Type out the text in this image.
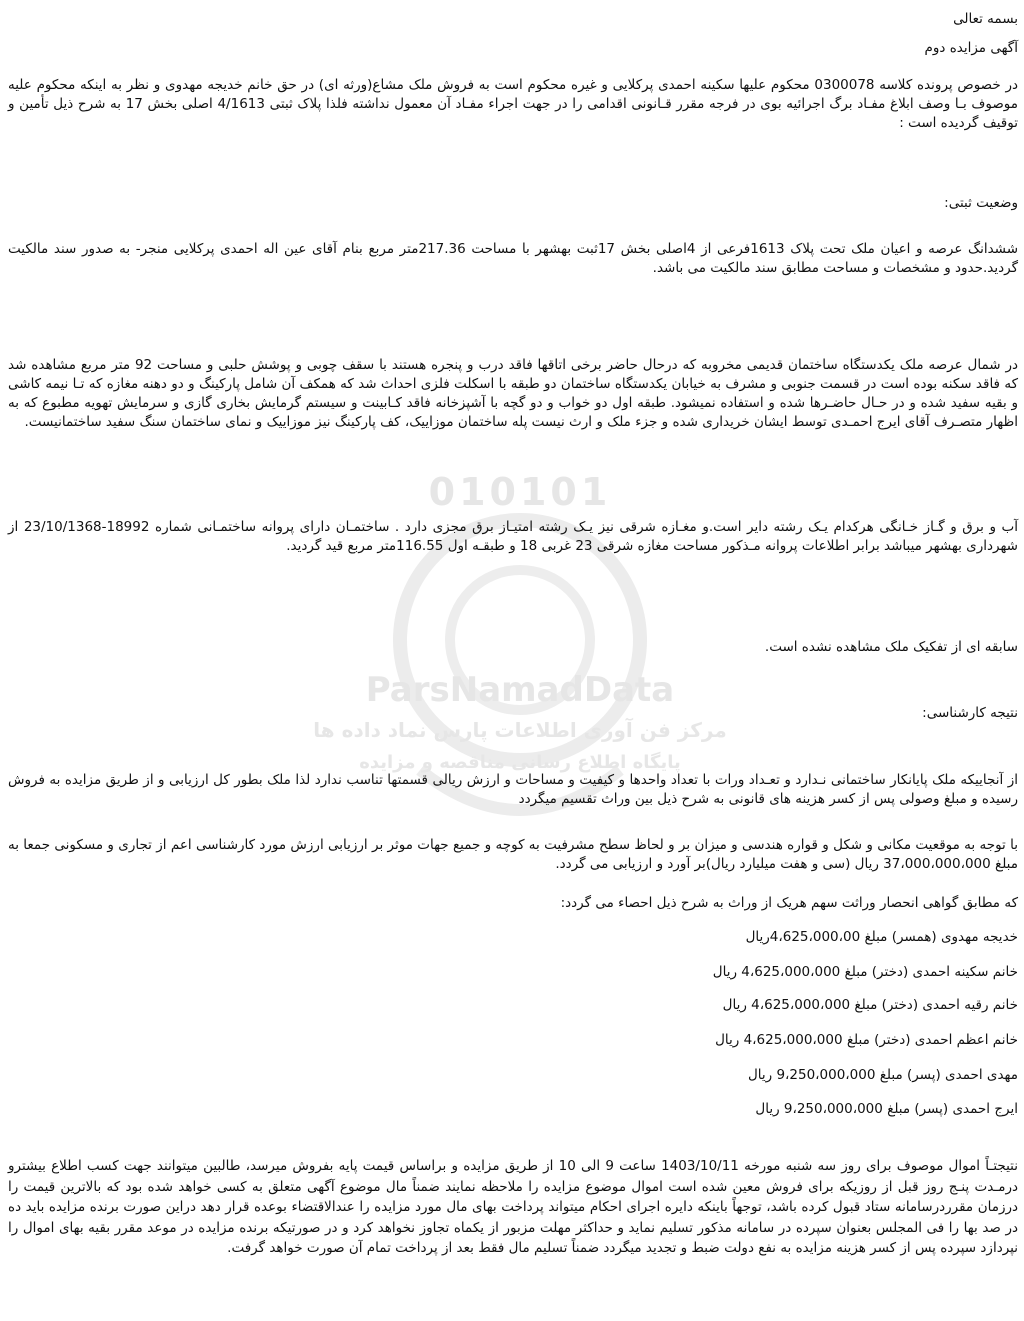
010101
ParsNamadData
مرکز فن آوری اطلاعات پارس نماد داده ها
پایگاه اطلاع رسانی مناقصه و مزایده
بسمه تعالی
آگهی مزایده دوم

در خصوص پرونده کلاسه 0300078 محکوم علیها سکینه احمدی پرکلایی و غیره محکوم است به فروش ملک مشاع(ورثه ای) در حق خانم خدیجه مهدوی و نظر به اینکه محکوم علیه موصوف بـا وصف ابلاغ مفـاد برگ اجرائیه بوی در فرجه مقرر قـانونی اقدامی را در جهت اجراء مفـاد آن معمول نداشته فلذا پلاک ثبتی 4/1613 اصلی بخش 17 به شرح ذیل تأمین و توقیف گردیده است :

وضعیت ثبتی:

ششدانگ عرصه و اعیان ملک تحت پلاک 1613فرعی از 4اصلی بخش 17ثبت بهشهر با مساحت 217.36متر مربع بنام آقای عین اله احمدی پرکلایی منجر- به صدور سند مالکیت گردید.حدود و مشخصات و مساحت مطابق سند مالکیت می باشد.

در شمال عرصه ملک یکدستگاه ساختمان قدیمی مخروبه که درحال حاضر برخی اتاقها فاقد درب و پنجره هستند با سقف چوبی و پوشش حلبی و مساحت 92 متر مربع مشاهده شد که فاقد سکنه بوده است در قسمت جنوبی و مشرف به خیابان یکدستگاه ساختمان دو طبقه با اسکلت فلزی احداث شد که همکف آن شامل پارکینگ و دو دهنه مغازه که تـا نیمه کاشی و بقیه سفید شده و در حـال حاضـرها شده و استفاده نمیشود. طبقه اول دو خواب و دو گچه با آشپزخانه فاقد کـابینت و سیستم گرمایش بخاری گازی و سرمایش تهویه مطبوع که به اظهار متصـرف آقای ایرج احمـدی توسط ایشان خریداری شده و جزء ملک و ارث نیست پله ساختمان موزاییک، کف پارکینگ نیز موزاییک و نمای ساختمان سنگ سفید ساختمانیست.

آب و برق و گـاز خـانگی هرکدام یـک رشته دایر است.و مغـازه شرقی نیز یـک رشته امتیـاز برق مجزی دارد . ساختمـان دارای پروانه ساختمـانی شماره 18992-23/10/1368 از شهرداری بهشهر میباشد برابر اطلاعات پروانه مـذکور مساحت مغازه شرقی 23 غربی 18 و طبقـه اول 116.55متر مربع قید گردید.

سابقه ای از تفکیک ملک مشاهده نشده است.
نتیجه کارشناسی:

از آنجاییکه ملک پایانکار ساختمانی نـدارد و تعـداد ورات با تعداد واحدها و کیفیت و مساحات و ارزش ریالی قسمتها تناسب ندارد لذا ملک بطور کل ارزیابی و از طریق مزایده به فروش رسیده و مبلغ وصولی پس از کسر هزینه های قانونی به شرح ذیل بین وراث تقسیم میگردد

با توجه به موقعیت مکانی و شکل و قواره هندسی و میزان بر و لحاظ سطح مشرفیت به کوچه و جمیع جهات موثر بر ارزیابی ارزش مورد کارشناسی اعم از تجاری و مسکونی جمعا به مبلغ 37،000،000،000 ریال (سی و هفت میلیارد ریال)بر آورد و ارزیابی می گردد.

که مطابق گواهی انحصار وراثت سهم هریک از وراث به شرح ذیل احصاء می گردد:
خدیجه مهدوی (همسر) مبلغ 4،625،000،00ریال
خانم سکینه احمدی (دختر) مبلغ 4،625،000،000 ریال
خانم رقیه احمدی (دختر) مبلغ 4،625،000،000 ریال
خانم اعظم احمدی (دختر) مبلغ 4،625،000،000 ریال
مهدی احمدی (پسر) مبلغ 9،250،000،000 ریال
ایرج احمدی (پسر) مبلغ 9،250،000،000 ریال

نتیجتـاً اموال موصوف برای روز سه شنبه مورخه 1403/10/11 ساعت 9 الی 10 از طریق مزایده و براساس قیمت پایه بفروش میرسد، طالبین میتوانند جهت کسب اطلاع بیشترو درمـدت پنـج روز قبل از روزیکه برای فروش معین شده است اموال موضوع مزایده را ملاحظه نمایند ضمناً مال موضوع آگهی متعلق به کسی خواهد شده بود که بالاترین قیمت را درزمان مقرردرسامانه ستاد قبول کرده باشد، توجهاً باینکه دایره اجرای احکام میتواند پرداخت بهای مال مورد مزایده را عندالاقتضاء بوعده قرار دهد دراین صورت برنده مزایده باید ده در صد بها را فی المجلس بعنوان سپرده در سامانه مذکور تسلیم نماید و حداکثر مهلت مزبور از یکماه تجاوز نخواهد کرد و در صورتیکه برنده مزایده در موعد مقرر بقیه بهای اموال را نپردازد سپرده پس از کسر هزینه مزایده به نفع دولت ضبط و تجدید میگردد ضمناً تسلیم مال فقط بعد از پرداخت تمام آن صورت خواهد گرفت.
